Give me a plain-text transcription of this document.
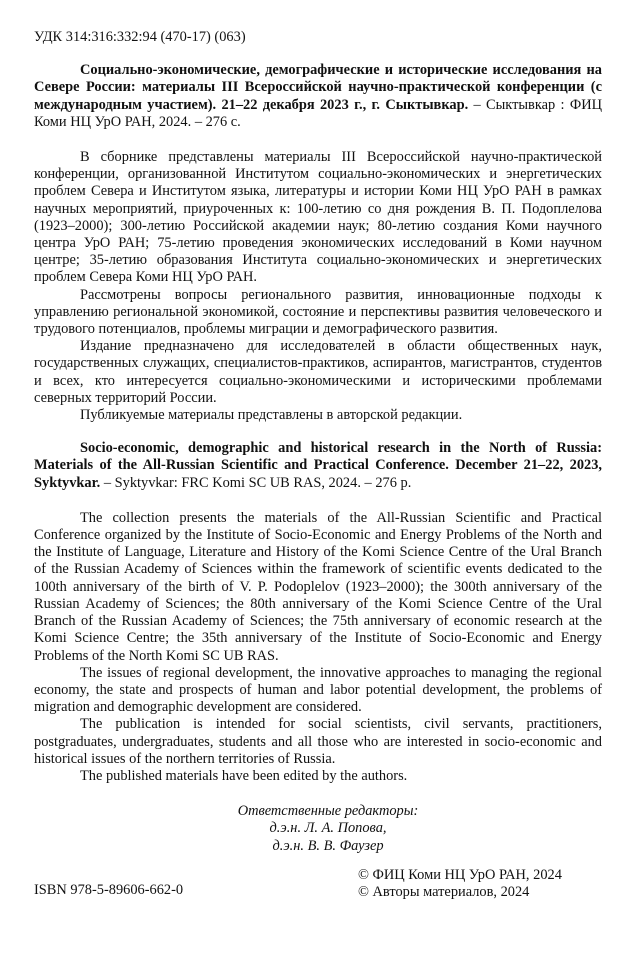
УДК 314:316:332:94 (470-17) (063)
Социально-экономические, демографические и исторические исследования на Севере России: материалы III Всероссийской научно-практической конференции (с международным участием). 21–22 декабря 2023 г., г. Сыктывкар. – Сыктывкар : ФИЦ Коми НЦ УрО РАН, 2024. – 276 с.

В сборнике представлены материалы III Всероссийской научно-практической конференции, организованной Институтом социально-экономических и энергетических проблем Севера и Институтом языка, литературы и истории Коми НЦ УрО РАН в рамках научных мероприятий, приуроченных к: 100-летию со дня рождения В. П. Подоплелова (1923–2000); 300-летию Российской академии наук; 80-летию создания Коми научного центра УрО РАН; 75-летию проведения экономических исследований в Коми научном центре; 35-летию образования Института социально-экономических и энергетических проблем Севера Коми НЦ УрО РАН.

Рассмотрены вопросы регионального развития, инновационные подходы к управлению региональной экономикой, состояние и перспективы развития человеческого и трудового потенциалов, проблемы миграции и демографического развития.

Издание предназначено для исследователей в области общественных наук, государственных служащих, специалистов-практиков, аспирантов, магистрантов, студентов и всех, кто интересуется социально-экономическими и историческими проблемами северных территорий России.

Публикуемые материалы представлены в авторской редакции.

Socio-economic, demographic and historical research in the North of Russia: Materials of the All-Russian Scientific and Practical Conference. December 21–22, 2023, Syktyvkar. – Syktyvkar: FRC Komi SC UB RAS, 2024. – 276 p.

The collection presents the materials of the All-Russian Scientific and Practical Conference organized by the Institute of Socio-Economic and Energy Problems of the North and the Institute of Language, Literature and History of the Komi Science Centre of the Ural Branch of the Russian Academy of Sciences within the framework of scientific events dedicated to the 100th anniversary of the birth of V. P. Podoplelov (1923–2000); the 300th anniversary of the Russian Academy of Sciences; the 80th anniversary of the Komi Science Centre of the Ural Branch of the Russian Academy of Sciences; the 75th anniversary of economic research at the Komi Science Centre; the 35th anniversary of the Institute of Socio-Economic and Energy Problems of the North Komi SC UB RAS.

The issues of regional development, the innovative approaches to managing the regional economy, the state and prospects of human and labor potential development, the problems of migration and demographic development are considered.

The publication is intended for social scientists, civil servants, practitioners, postgraduates, undergraduates, students and all those who are interested in socio-economic and historical issues of the northern territories of Russia.

The published materials have been edited by the authors.

Ответственные редакторы:
д.э.н. Л. А. Попова,
д.э.н. В. В. Фаузер
ISBN 978-5-89606-662-0
© ФИЦ Коми НЦ УрО РАН, 2024
© Авторы материалов, 2024
